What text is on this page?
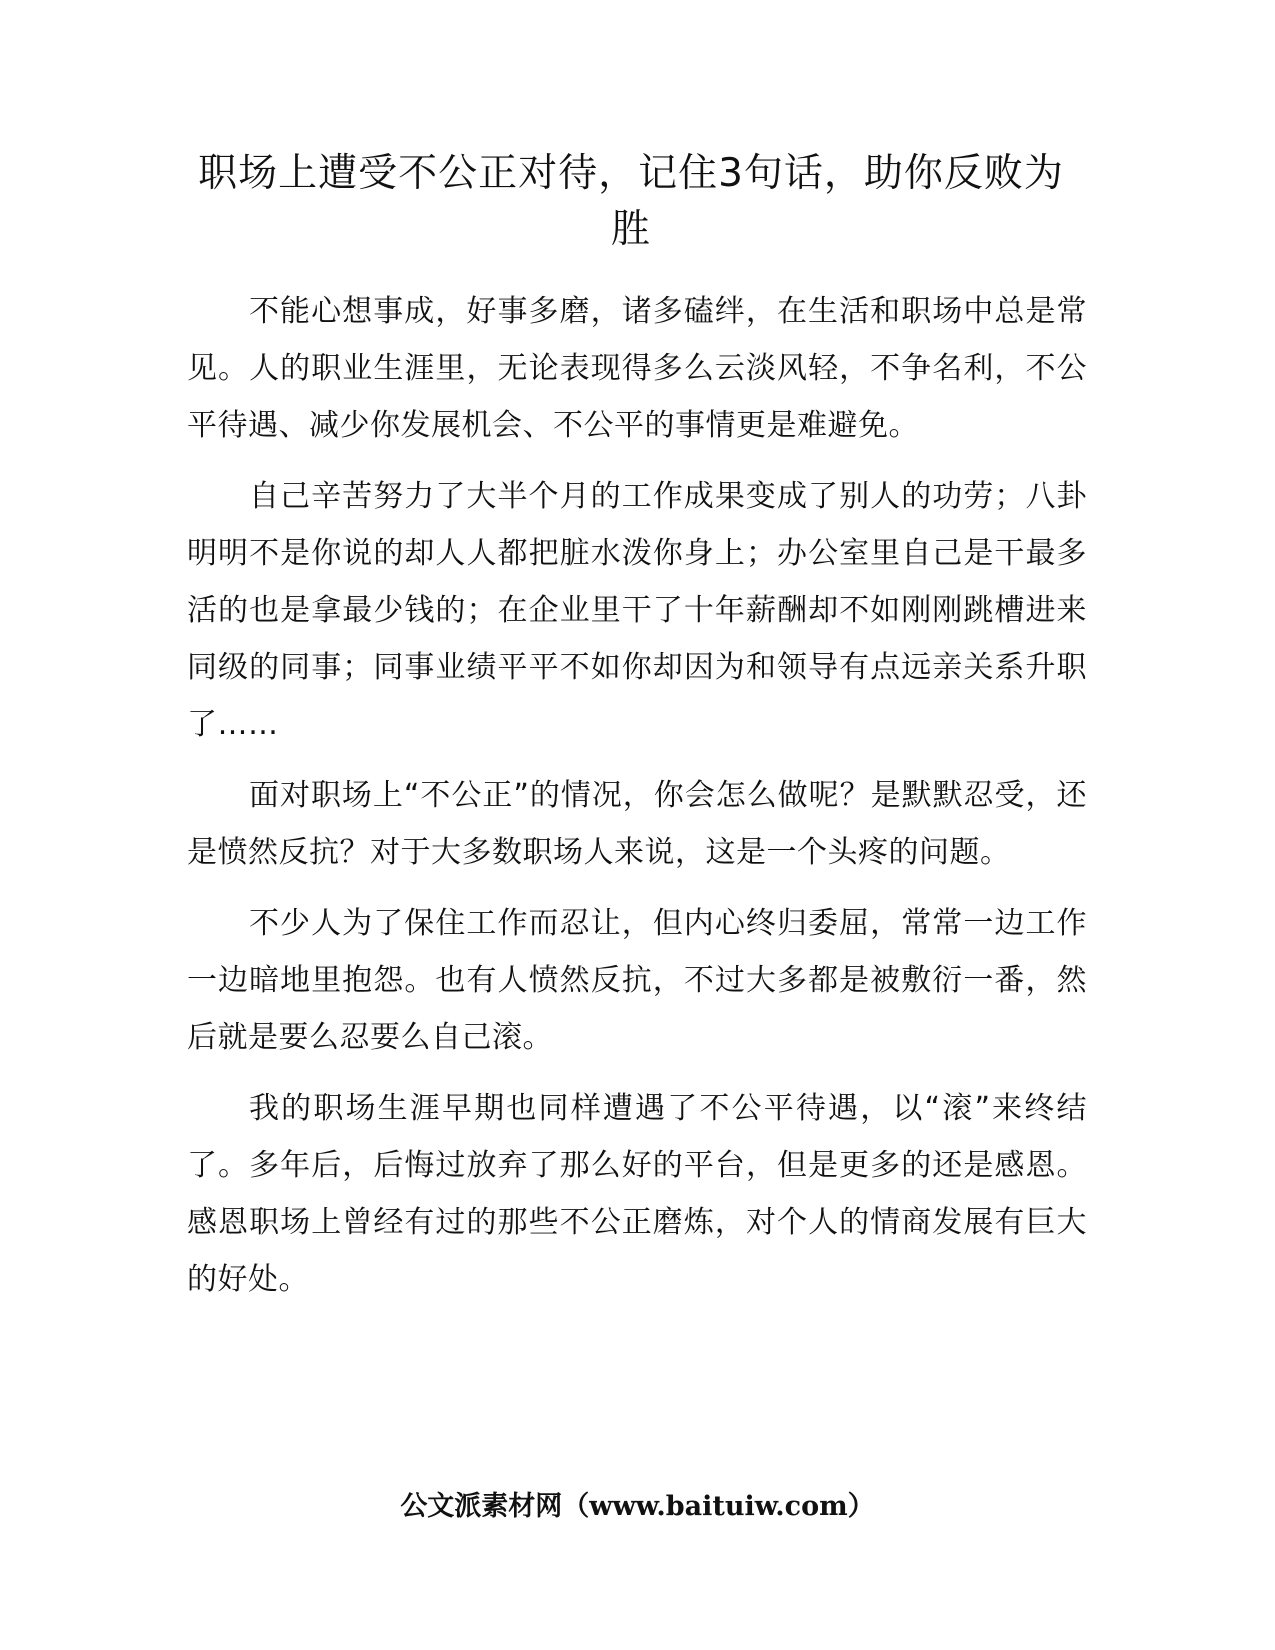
职场上遭受不公正对待，记住3句话，助你反败为胜

不能心想事成，好事多磨，诸多磕绊，在生活和职场中总是常见。人的职业生涯里，无论表现得多么云淡风轻，不争名利，不公平待遇、减少你发展机会、不公平的事情更是难避免。

自己辛苦努力了大半个月的工作成果变成了别人的功劳；八卦明明不是你说的却人人都把脏水泼你身上；办公室里自己是干最多活的也是拿最少钱的；在企业里干了十年薪酬却不如刚刚跳槽进来同级的同事；同事业绩平平不如你却因为和领导有点远亲关系升职了……

面对职场上“不公正”的情况，你会怎么做呢？是默默忍受，还是愤然反抗？对于大多数职场人来说，这是一个头疼的问题。

不少人为了保住工作而忍让，但内心终归委屈，常常一边工作一边暗地里抱怨。也有人愤然反抗，不过大多都是被敷衍一番，然后就是要么忍要么自己滚。

我的职场生涯早期也同样遭遇了不公平待遇，以“滚”来终结了。多年后，后悔过放弃了那么好的平台，但是更多的还是感恩。感恩职场上曾经有过的那些不公正磨炼，对个人的情商发展有巨大的好处。

公文派素材网（www.baituiw.com）
